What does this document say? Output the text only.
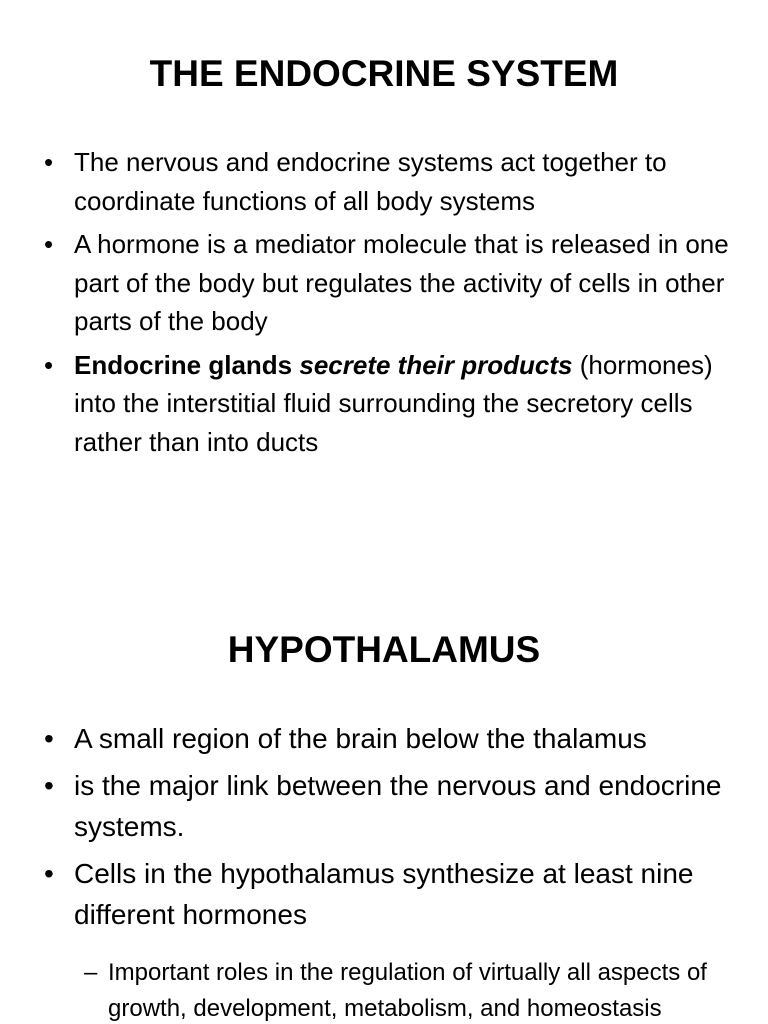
THE ENDOCRINE SYSTEM
• The nervous and endocrine systems act together to coordinate functions of all body systems
• A hormone is a mediator molecule that is released in one part of the body but regulates the activity of cells in other parts of the body
• Endocrine glands secrete their products (hormones) into the interstitial fluid surrounding the secretory cells rather than into ducts
HYPOTHALAMUS
• A small region of the brain below the thalamus
• is the major link between the nervous and endocrine systems.
• Cells in the hypothalamus synthesize at least nine different hormones
– Important roles in the regulation of virtually all aspects of growth, development, metabolism, and homeostasis
